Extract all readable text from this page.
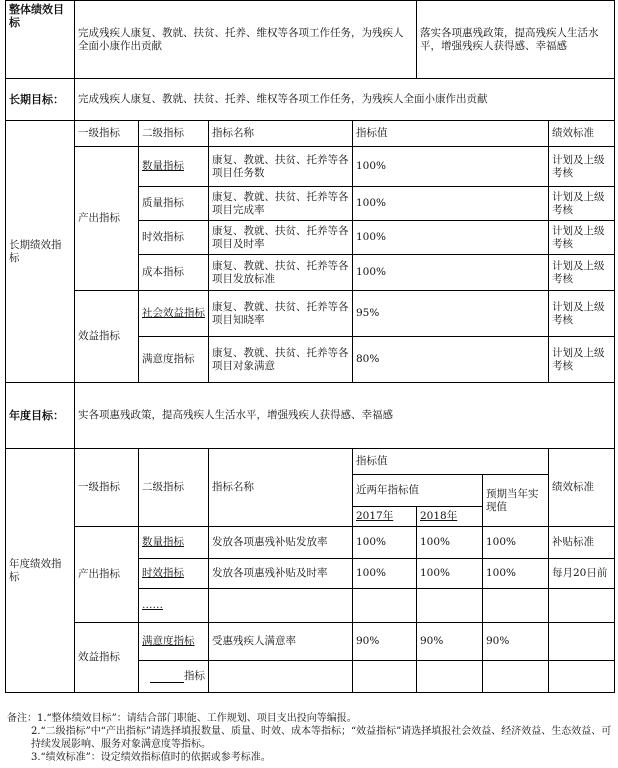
整体绩效目标	完成残疾人康复、教就、扶贫、托养、维权等各项工作任务，为残疾人全面小康作出贡献				落实各项惠残政策，提高残疾人生活水平，增强残疾人获得感、幸福感		
长期目标：	完成残疾人康复、教就、扶贫、托养、维权等各项工作任务，为残疾人全面小康作出贡献						
长期绩效指标	一级指标	二级指标	指标名称	指标值			绩效标准
	产出指标	数量指标	康复、教就、扶贫、托养等各项目任务数	100%			计划及上级考核
		质量指标	康复、教就、扶贫、托养等各项目完成率	100%			计划及上级考核
		时效指标	康复、教就、扶贫、托养等各项目及时率	100%			计划及上级考核
		成本指标	康复、教就、扶贫、托养等各项目发放标准	100%			计划及上级考核
	效益指标	社会效益指标	康复、教就、扶贫、托养等各项目知晓率	95%			计划及上级考核
		满意度指标	康复、教就、扶贫、托养等各项目对象满意	80%			计划及上级考核
年度目标：	实各项惠残政策，提高残疾人生活水平，增强残疾人获得感、幸福感						
年度绩效指标	一级指标	二级指标	指标名称	指标值			绩效标准
				近两年指标值		预期当年实现值	
				2017年	2018年		
	产出指标	数量指标	发放各项惠残补贴发放率	100%	100%	100%	补贴标准
		时效指标	发放各项惠残补贴及时率	100%	100%	100%	每月20日前
		……					
	效益指标	满意度指标	受惠残疾人满意率	90%	90%	90%	
		指标					
备注：1.“整体绩效目标”：请结合部门职能、工作规划、项目支出投向等编报。
2.“二级指标”中“产出指标”请选择填报数量、质量、时效、成本等指标；“效益指标”请选择填报社会效益、经济效益、生态效益、可持续发展影响、服务对象满意度等指标。
3.“绩效标准”：设定绩效指标值时的依据或参考标准。
